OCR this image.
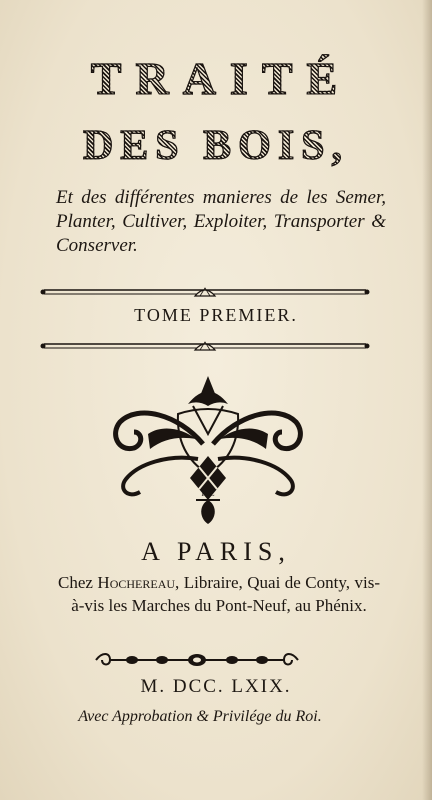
TRAITÉ
DES BOIS,
Et des différentes manieres de les Semer, Planter, Cultiver, Exploiter, Transporter & Conserver.
TOME PREMIER.
K.C
A PARIS,
Chez Hochereau, Libraire, Quai de Conty, vis-à-vis les Marches du Pont-Neuf, au Phénix.
M. DCC. LXIX.
Avec Approbation & Privilége du Roi.
